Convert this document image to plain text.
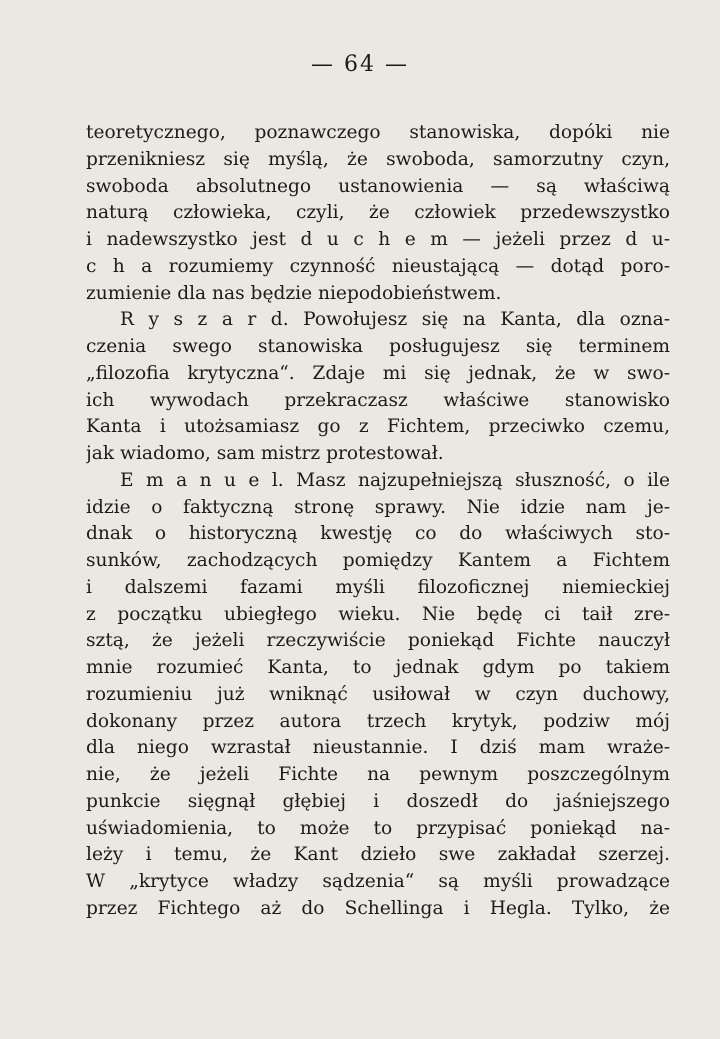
— 64 —
teoretycznego, poznawczego stanowiska, dopóki nie
przenikniesz się myślą, że swoboda, samorzutny czyn,
swoboda absolutnego ustanowienia — są właściwą
naturą człowieka, czyli, że człowiek przedewszystko
i nadewszystko jest d u c h e m — jeżeli przez d u-
c h a rozumiemy czynność nieustającą — dotąd poro-
zumienie dla nas będzie niepodobieństwem.
R y s z a r d. Powołujesz się na Kanta, dla ozna-
czenia swego stanowiska posługujesz się terminem
„filozofia krytyczna“. Zdaje mi się jednak, że w swo-
ich wywodach przekraczasz właściwe stanowisko
Kanta i utożsamiasz go z Fichtem, przeciwko czemu,
jak wiadomo, sam mistrz protestował.
E m a n u e l. Masz najzupełniejszą słuszność, o ile
idzie o faktyczną stronę sprawy. Nie idzie nam je-
dnak o historyczną kwestję co do właściwych sto-
sunków, zachodzących pomiędzy Kantem a Fichtem
i dalszemi fazami myśli filozoficznej niemieckiej
z początku ubiegłego wieku. Nie będę ci taił zre-
sztą, że jeżeli rzeczywiście poniekąd Fichte nauczył
mnie rozumieć Kanta, to jednak gdym po takiem
rozumieniu już wniknąć usiłował w czyn duchowy,
dokonany przez autora trzech krytyk, podziw mój
dla niego wzrastał nieustannie. I dziś mam wraże-
nie, że jeżeli Fichte na pewnym poszczególnym
punkcie sięgnął głębiej i doszedł do jaśniejszego
uświadomienia, to może to przypisać poniekąd na-
leży i temu, że Kant dzieło swe zakładał szerzej.
W „krytyce władzy sądzenia“ są myśli prowadzące
przez Fichtego aż do Schellinga i Hegla. Tylko, że
